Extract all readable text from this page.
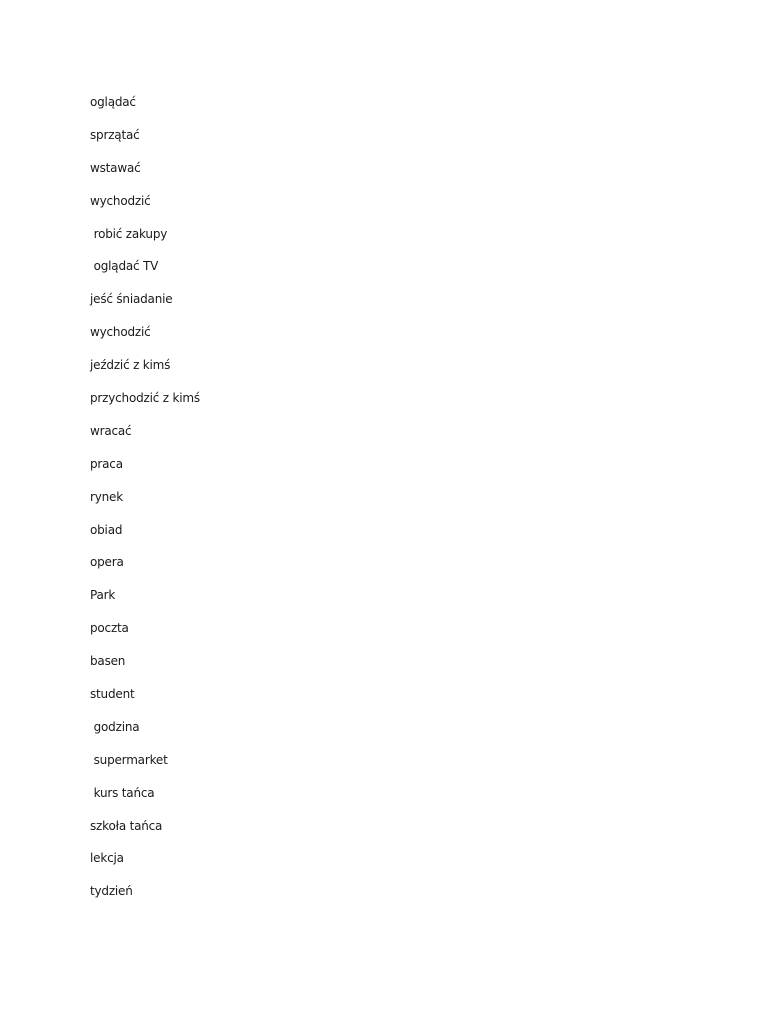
oglądać
sprzątać
wstawać
wychodzić
robić zakupy
oglądać TV
jeść śniadanie
wychodzić
jeździć z kimś
przychodzić z kimś
wracać
praca
rynek
obiad
opera
Park
poczta
basen
student
godzina
supermarket
kurs tańca
szkoła tańca
lekcja
tydzień
